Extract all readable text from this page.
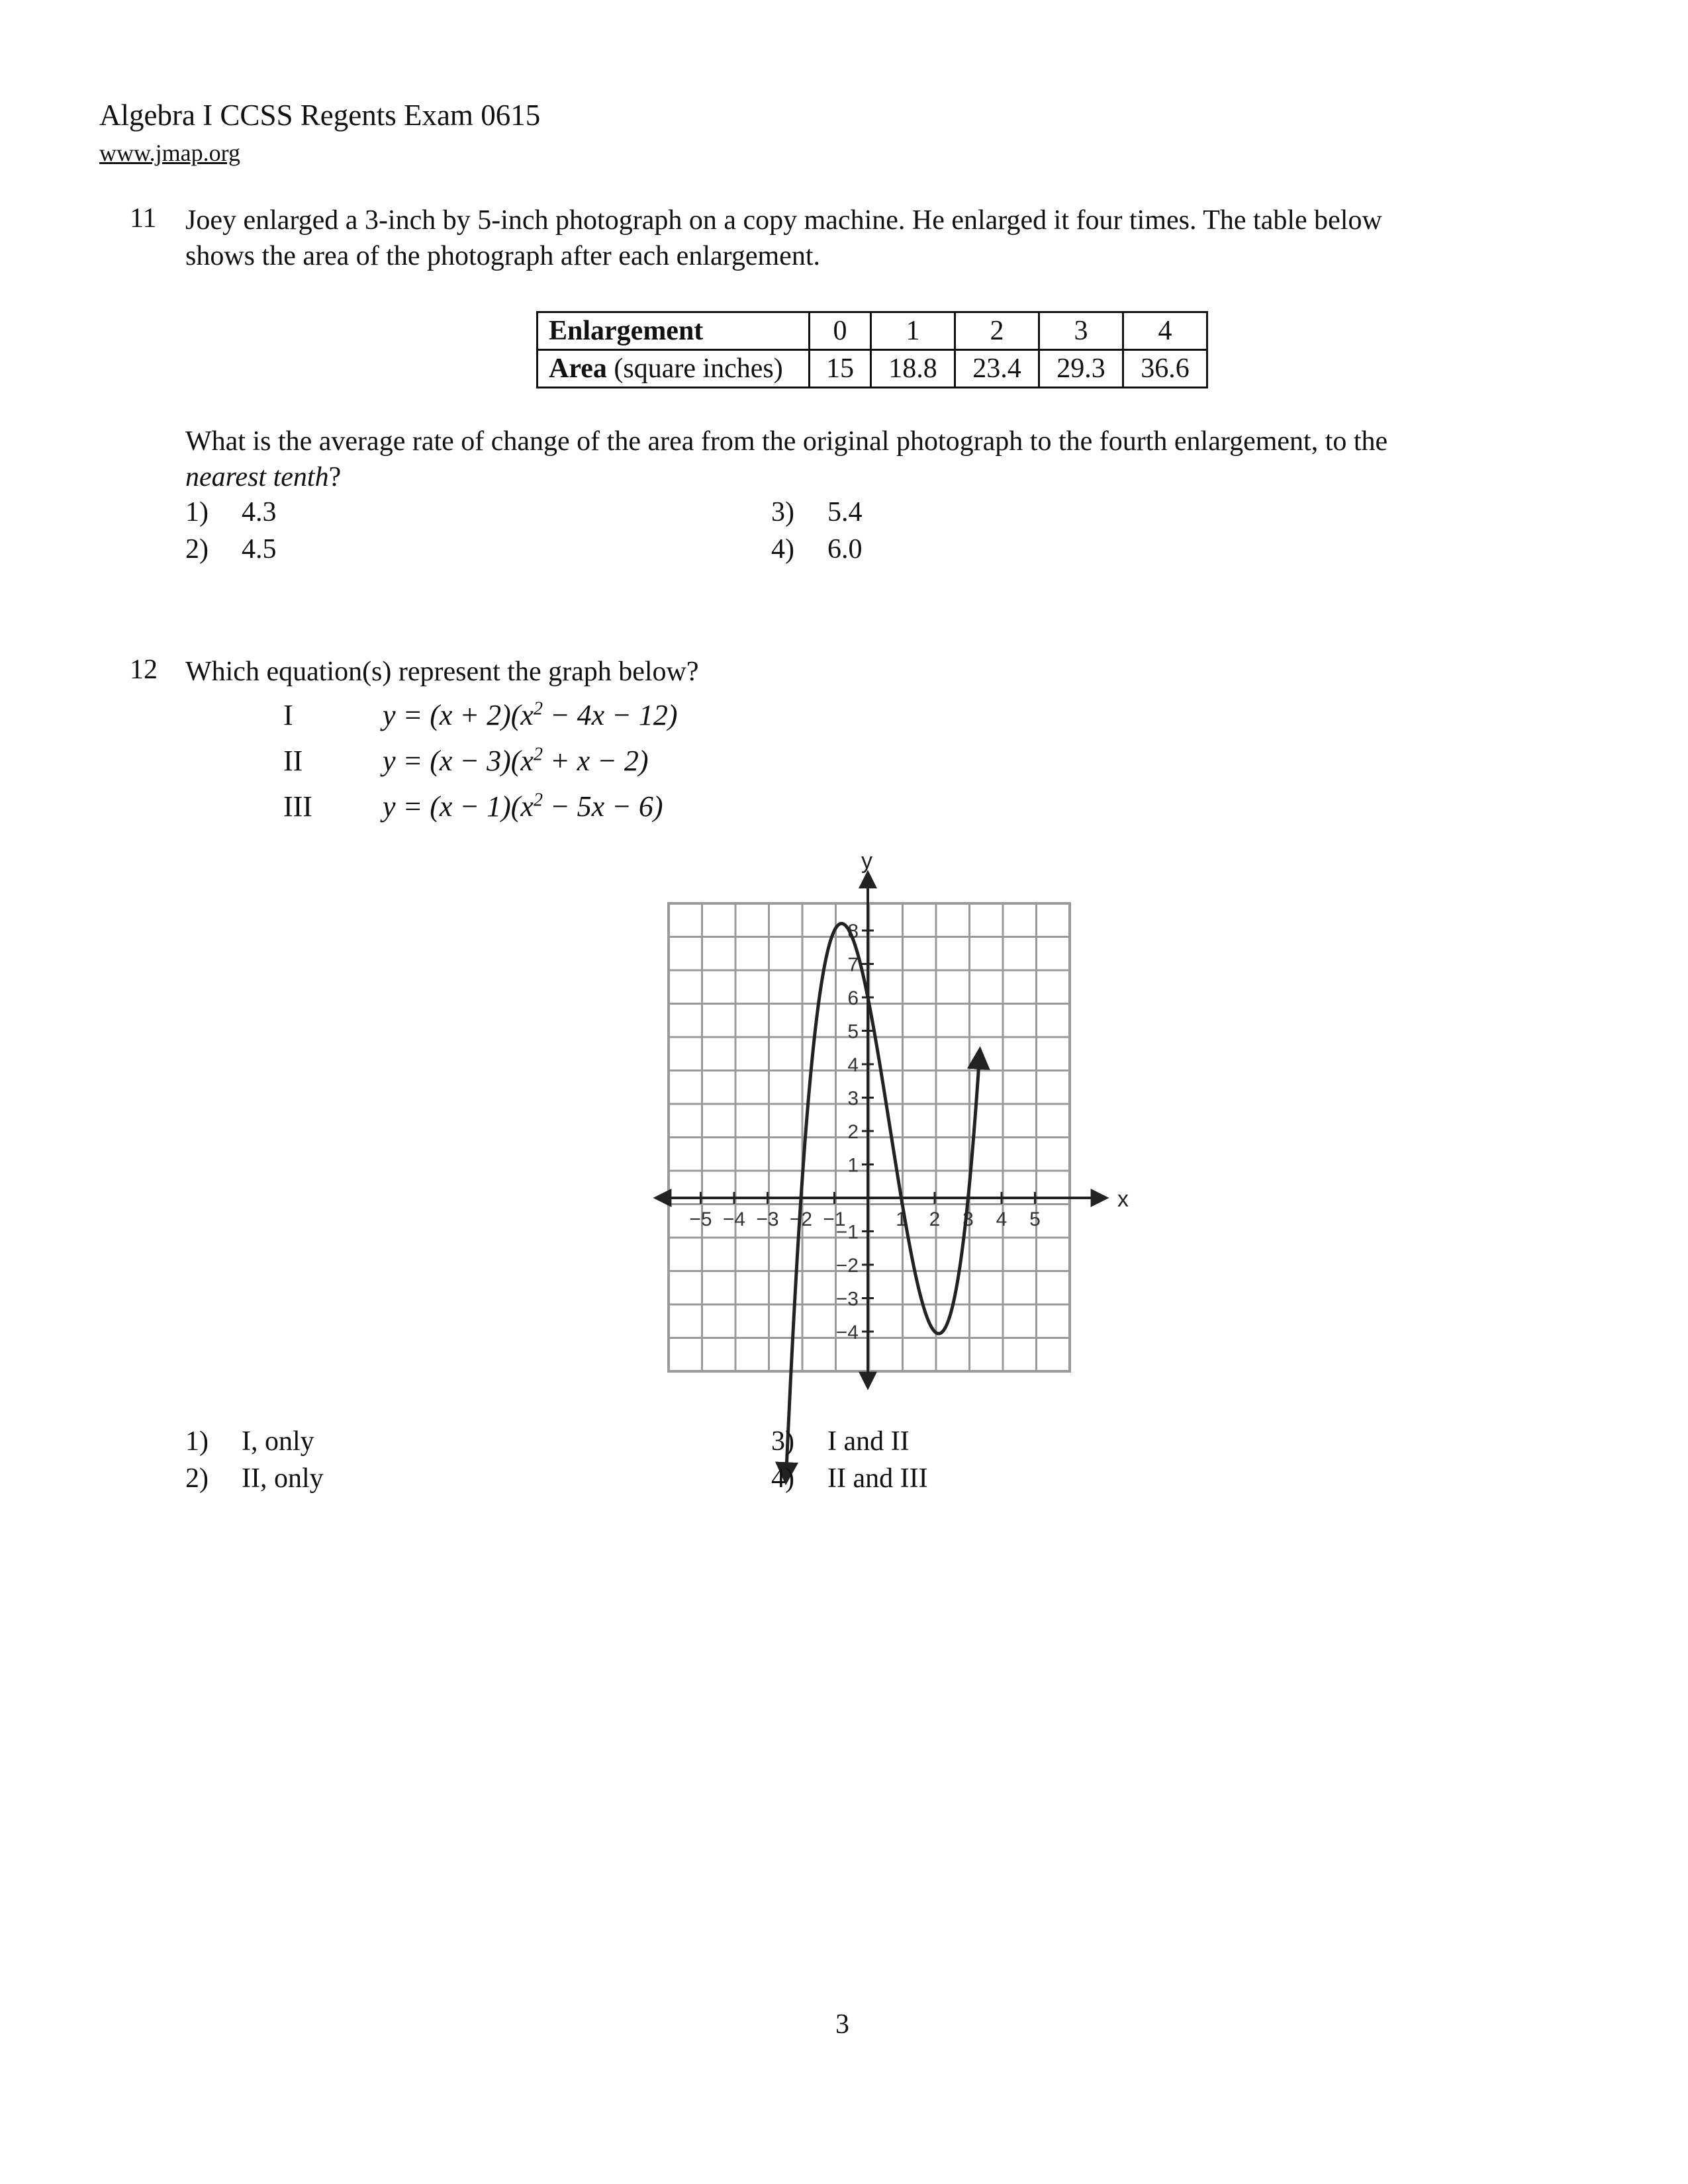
Algebra I CCSS Regents Exam 0615
www.jmap.org
11 Joey enlarged a 3-inch by 5-inch photograph on a copy machine. He enlarged it four times. The table below
shows the area of the photograph after each enlargement.
Enlargement	0	1	2	3	4
Area (square inches)	15	18.8	23.4	29.3	36.6
What is the average rate of change of the area from the original photograph to the fourth enlargement, to the
nearest tenth?
1) 4.3
2) 4.5
3) 5.4
4) 6.0
12 Which equation(s) represent the graph below?
I	$y = (x + 2)(x^2 - 4x - 12)$
II	$y = (x - 3)(x^2 + x - 2)$
III $y = (x - 1)(x^2 - 5x - 6)$
x
y
−5 −4 −3 −2 −1	1 2 3 4 5
8
7
6
5
4
3
2
1
−1
−2
−3
−4
1) I, only
2) II, only
3) I and II
4) II and III
3
